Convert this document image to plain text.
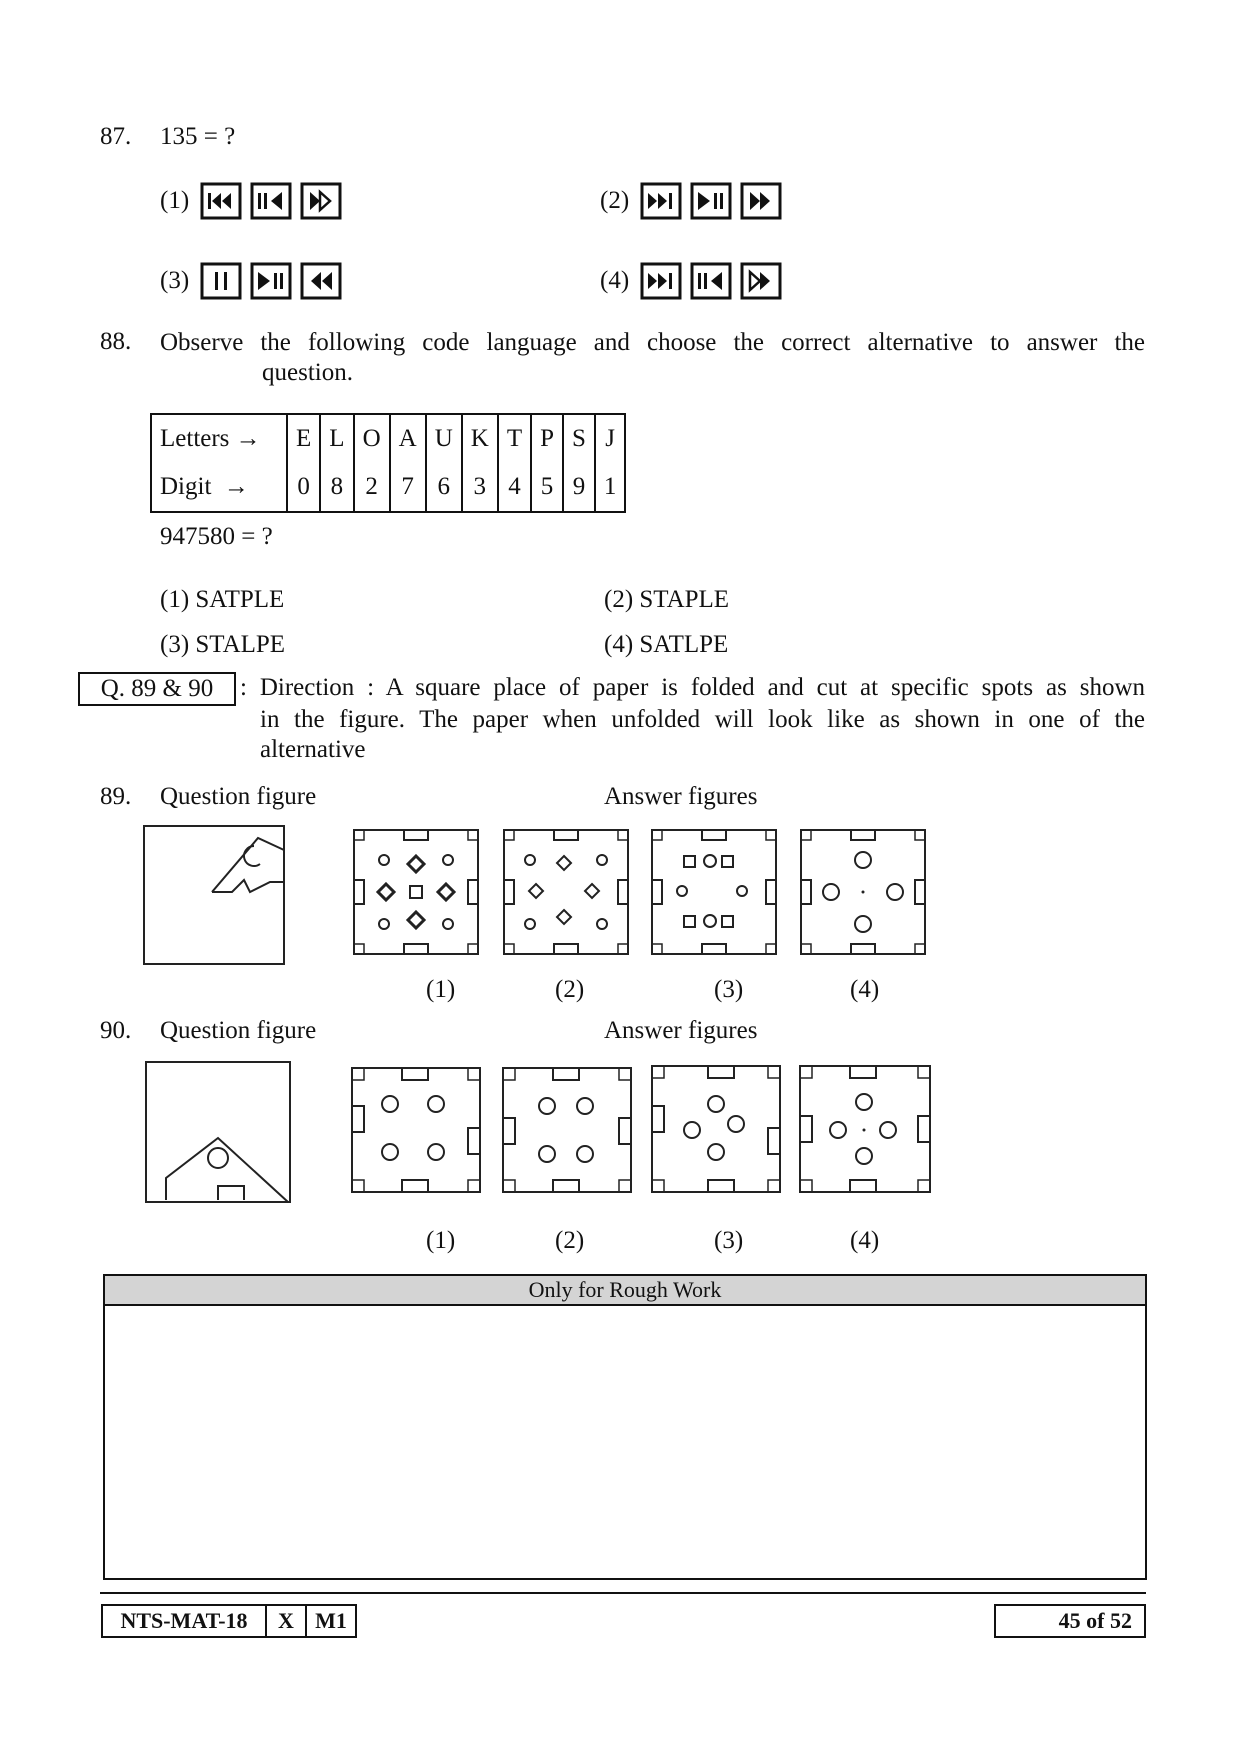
87. 135 = ?
(1)	(2)
(3)	(4)
88. Observe the following code language and choose the correct alternative to answer the
question.
Letters →	E	L	O	A	U	K	T	P	S	J
Digit  →	0	8	2	7	6	3	4	5	9	1
947580 = ?
(1) SATPLE	(2) STAPLE
(3) STALPE	(4) SATLPE
Q. 89 & 90	: Direction : A square place of paper is folded and cut at specific spots as shown
in the figure. The paper when unfolded will look like as shown in one of the
alternative
89. Question figure	Answer figures
(1)	(2)	(3)	(4)
90. Question figure	Answer figures
(1)	(2)	(3)	(4)
Only for Rough Work
NTS-MAT-18	X M1	45 of 52
